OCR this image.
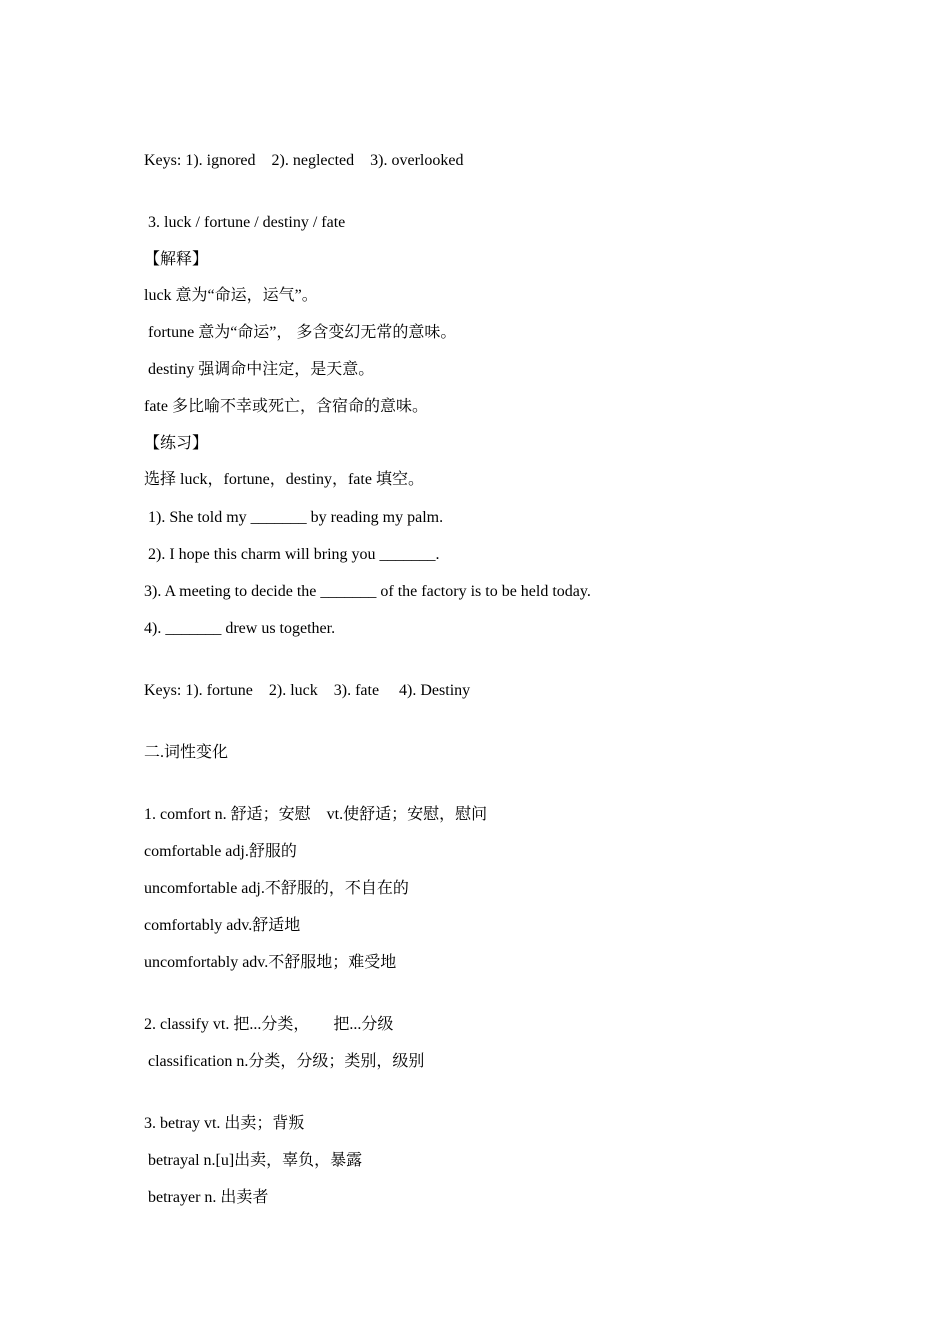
Keys: 1). ignored    2). neglected    3). overlooked
3. luck / fortune / destiny / fate
【解释】
luck 意为“命运，运气”。
fortune 意为“命运”， 多含变幻无常的意味。
destiny 强调命中注定，是天意。
fate 多比喻不幸或死亡，含宿命的意味。
【练习】
选择 luck，fortune，destiny，fate 填空。
1). She told my _______ by reading my palm.
2). I hope this charm will bring you _______.
3). A meeting to decide the _______ of the factory is to be held today.
4). _______ drew us together.
Keys: 1). fortune    2). luck    3). fate     4). Destiny
二.词性变化
1. comfort n. 舒适；安慰    vt.使舒适；安慰，慰问
comfortable adj.舒服的
uncomfortable adj.不舒服的，不自在的
comfortably adv.舒适地
uncomfortably adv.不舒服地；难受地
2. classify vt. 把...分类，      把...分级
classification n.分类，分级；类别，级别
3. betray vt. 出卖；背叛
betrayal n.[u]出卖，辜负，暴露
betrayer n. 出卖者
